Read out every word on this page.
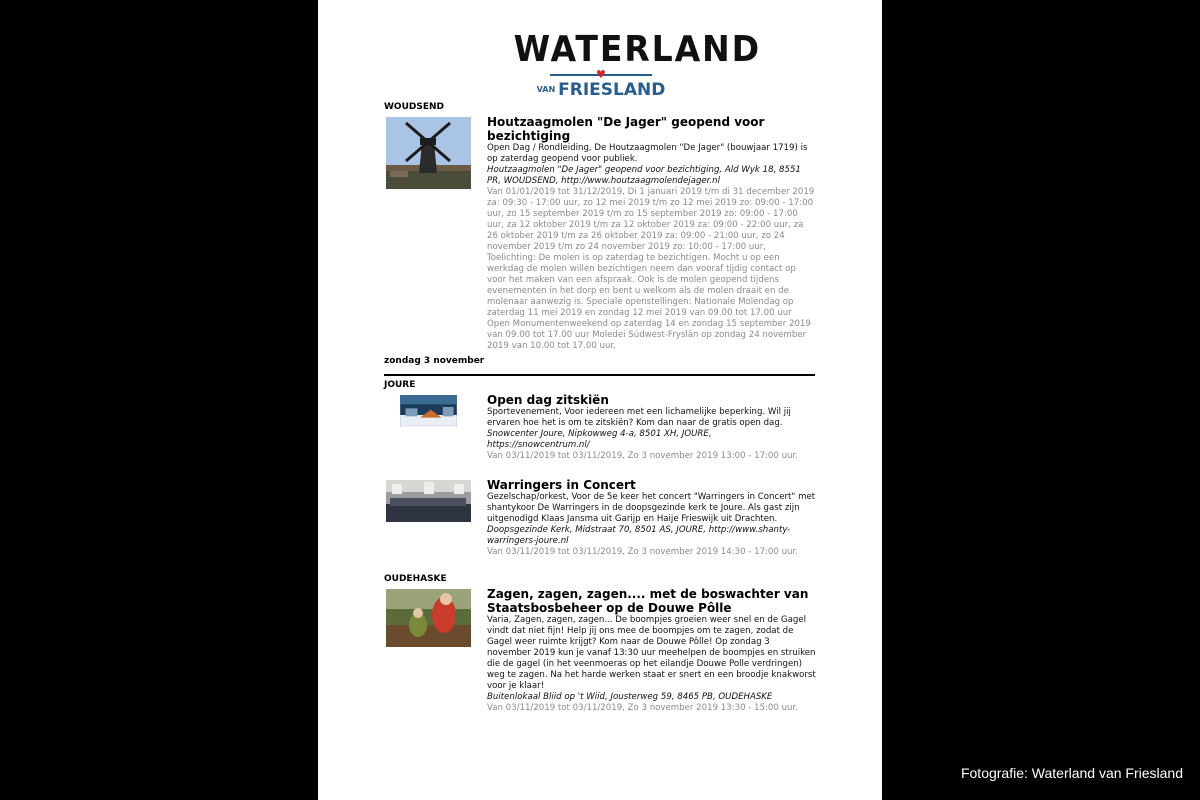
WATERLAND
♥
VAN FRIESLAND
WOUDSEND
Houtzaagmolen "De Jager" geopend voor bezichtiging
Open Dag / Rondleiding, De Houtzaagmolen "De Jager" (bouwjaar 1719) is op zaterdag geopend voor publiek.
Houtzaagmolen "De Jager" geopend voor bezichtiging, Ald Wyk 18, 8551 PR, WOUDSEND, http://www.houtzaagmolendejager.nl
Van 01/01/2019 tot 31/12/2019, Di 1 januari 2019 t/m di 31 december 2019 za: 09:30 - 17:00 uur, zo 12 mei 2019 t/m zo 12 mei 2019 zo: 09:00 - 17:00 uur, zo 15 september 2019 t/m zo 15 september 2019 zo: 09:00 - 17:00 uur, za 12 oktober 2019 t/m za 12 oktober 2019 za: 09:00 - 22:00 uur, za 26 oktober 2019 t/m za 26 oktober 2019 za: 09:00 - 21:00 uur, zo 24 november 2019 t/m zo 24 november 2019 zo: 10:00 - 17:00 uur, Toelichting: De molen is op zaterdag te bezichtigen. Mocht u op een werkdag de molen willen bezichtigen neem dan vooraf tijdig contact op voor het maken van een afspraak. Ook is de molen geopend tijdens evenementen in het dorp en bent u welkom als de molen draait en de molenaar aanwezig is. Speciale openstellingen: Nationale Molendag op zaterdag 11 mei 2019 en zondag 12 mei 2019 van 09.00 tot 17.00 uur Open Monumentenweekend op zaterdag 14 en zondag 15 september 2019 van 09.00 tot 17.00 uur Moledei Súdwest-Fryslân op zondag 24 november 2019 van 10.00 tot 17.00 uur.
zondag 3 november
JOURE
Open dag zitskiën
Sportevenement, Voor iedereen met een lichamelijke beperking. Wil jij ervaren hoe het is om te zitskiën? Kom dan naar de gratis open dag.
Snowcenter Joure, Nipkowweg 4-a, 8501 XH, JOURE, https://snowcentrum.nl/
Van 03/11/2019 tot 03/11/2019, Zo 3 november 2019 13:00 - 17:00 uur.
Warringers in Concert
Gezelschap/orkest, Voor de 5e keer het concert "Warringers in Concert" met shantykoor De Warringers in de doopsgezinde kerk te Joure. Als gast zijn uitgenodigd Klaas Jansma uit Garijp en Haije Frieswijk uit Drachten.
Doopsgezinde Kerk, Midstraat 70, 8501 AS, JOURE, http://www.shanty-warringers-joure.nl
Van 03/11/2019 tot 03/11/2019, Zo 3 november 2019 14:30 - 17:00 uur.
OUDEHASKE
Zagen, zagen, zagen.... met de boswachter van Staatsbosbeheer op de Douwe Pôlle
Varia, Zagen, zagen, zagen... De boompjes groeien weer snel en de Gagel vindt dat niet fijn! Help jij ons mee de boompjes om te zagen, zodat de Gagel weer ruimte krijgt? Kom naar de Douwe Pôlle! Op zondag 3 november 2019 kun je vanaf 13:30 uur meehelpen de boompjes en struiken die de gagel (in het veenmoeras op het eilandje Douwe Polle verdringen) weg te zagen. Na het harde werken staat er snert en een broodje knakworst voor je klaar!
Buitenlokaal Bliid op 't Wiid, Jousterweg 59, 8465 PB, OUDEHASKE
Van 03/11/2019 tot 03/11/2019, Zo 3 november 2019 13:30 - 15:00 uur.
Fotografie: Waterland van Friesland
